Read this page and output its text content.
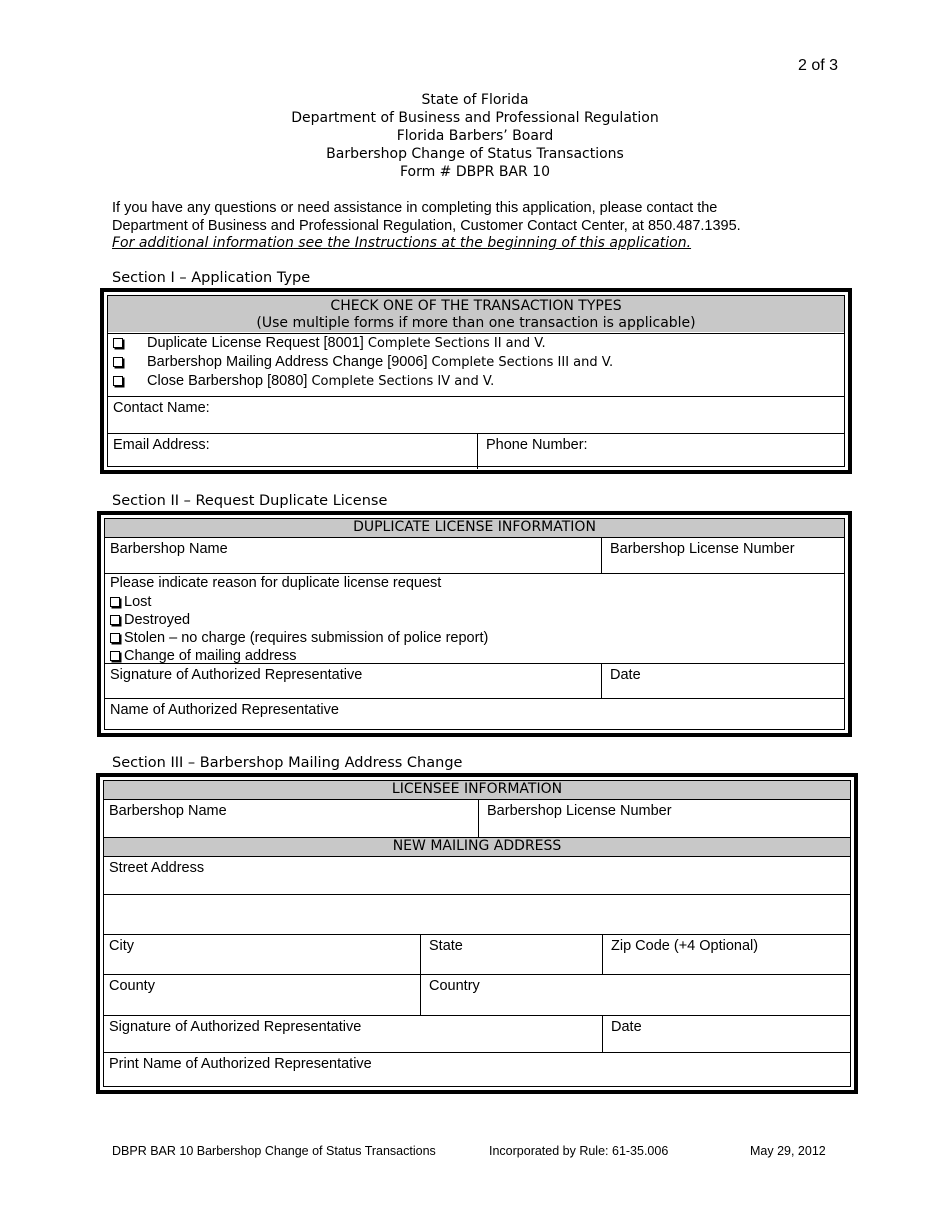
2 of 3
State of Florida
Department of Business and Professional Regulation
Florida Barbers’ Board
Barbershop Change of Status Transactions
Form # DBPR BAR 10
If you have any questions or need assistance in completing this application, please contact the
Department of Business and Professional Regulation, Customer Contact Center, at 850.487.1395.
For additional information see the Instructions at the beginning of this application.
Section I – Application Type
CHECK ONE OF THE TRANSACTION TYPES
(Use multiple forms if more than one transaction is applicable)
Duplicate License Request [8001] Complete Sections II and V.
Barbershop Mailing Address Change [9006] Complete Sections III and V.
Close Barbershop [8080] Complete Sections IV and V.
Contact Name:
Email Address:	Phone Number:
Section II – Request Duplicate License
DUPLICATE LICENSE INFORMATION
Barbershop Name	Barbershop License Number
Please indicate reason for duplicate license request
Lost
Destroyed
Stolen – no charge (requires submission of police report)
Change of mailing address
Signature of Authorized Representative	Date
Name of Authorized Representative
Section III – Barbershop Mailing Address Change
LICENSEE INFORMATION
Barbershop Name	Barbershop License Number
NEW MAILING ADDRESS
Street Address
City	State	Zip Code (+4 Optional)
County	Country
Signature of Authorized Representative	Date
Print Name of Authorized Representative
DBPR BAR 10 Barbershop Change of Status Transactions	Incorporated by Rule: 61-35.006	May 29, 2012
